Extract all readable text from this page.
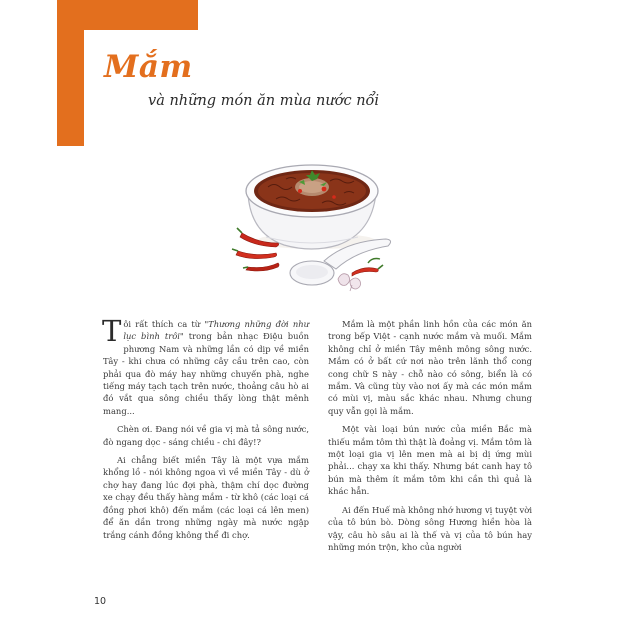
Mắm
và những món ăn mùa nước nổi

Tôi rất thích ca từ "Thương những đời như lục bình trôi" trong bản nhạc Điệu buồn phương Nam và những lần có dịp về miền Tây - khi chưa có những cây cầu trên cao, còn phải qua đò máy hay những chuyến phà, nghe tiếng máy tạch tạch trên nước, thoảng câu hò ai đó vắt qua sông chiều thấy lòng thật mênh mang...

Chèn ơi. Đang nói về gia vị mà tả sông nước, đò ngang dọc - sáng chiều - chi đây!?

Ai chẳng biết miền Tây là một vựa mắm khổng lồ - nói không ngoa vì về miền Tây - dù ở chợ hay đang lúc đợi phà, thậm chí dọc đường xe chạy đều thấy hàng mắm - từ khô (các loại cá đồng phơi khô) đến mắm (các loại cá lên men) để ăn dần trong những ngày mà nước ngập trắng cánh đồng không thể đi chợ.

Mắm là một phần linh hồn của các món ăn trong bếp Việt - cạnh nước mắm và muối. Mắm không chỉ ở miền Tây mênh mông sông nước. Mắm có ở bất cứ nơi nào trên lãnh thổ cong cong chữ S này - chỗ nào có sông, biển là có mắm. Và cũng tùy vào nơi ấy mà các món mắm có mùi vị, màu sắc khác nhau. Nhưng chung quy vẫn gọi là mắm.

Một vài loại bún nước của miền Bắc mà thiếu mắm tôm thì thật là đoảng vị. Mắm tôm là một loại gia vị lên men mà ai bị dị ứng mùi phải... chạy xa khi thấy. Nhưng bát canh hay tô bún mà thêm ít mắm tôm khi cần thì quả là khác hẳn.

Ai đến Huế mà không nhớ hương vị tuyệt vời của tô bún bò. Dòng sông Hương hiền hòa là vậy, câu hò sâu ai là thế và vị của tô bún hay những món trộn, kho của người

10
